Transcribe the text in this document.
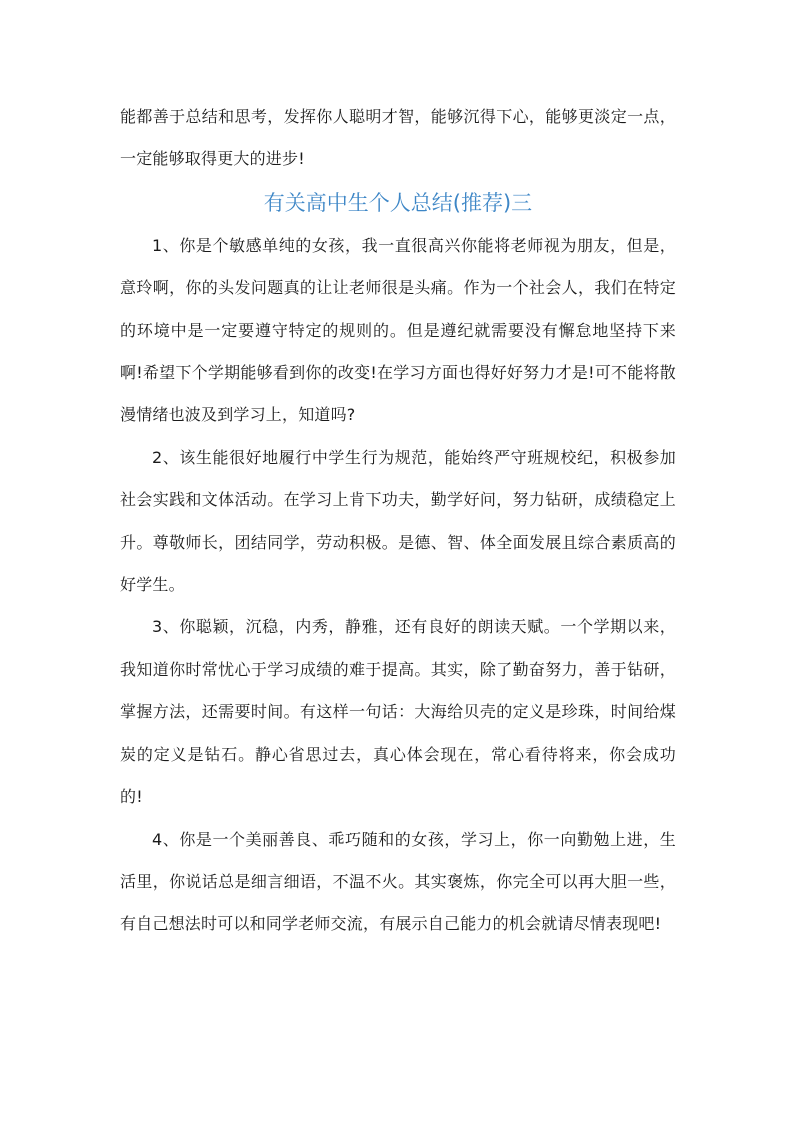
能都善于总结和思考，发挥你人聪明才智，能够沉得下心，能够更淡定一点，一定能够取得更大的进步!

有关高中生个人总结(推荐)三

1、你是个敏感单纯的女孩，我一直很高兴你能将老师视为朋友，但是，意玲啊，你的头发问题真的让让老师很是头痛。作为一个社会人，我们在特定的环境中是一定要遵守特定的规则的。但是遵纪就需要没有懈怠地坚持下来啊!希望下个学期能够看到你的改变!在学习方面也得好好努力才是!可不能将散漫情绪也波及到学习上，知道吗?

2、该生能很好地履行中学生行为规范，能始终严守班规校纪，积极参加社会实践和文体活动。在学习上肯下功夫，勤学好问，努力钻研，成绩稳定上升。尊敬师长，团结同学，劳动积极。是德、智、体全面发展且综合素质高的好学生。

3、你聪颖，沉稳，内秀，静雅，还有良好的朗读天赋。一个学期以来，我知道你时常忧心于学习成绩的难于提高。其实，除了勤奋努力，善于钻研，掌握方法，还需要时间。有这样一句话：大海给贝壳的定义是珍珠，时间给煤炭的定义是钻石。静心省思过去，真心体会现在，常心看待将来，你会成功的!

4、你是一个美丽善良、乖巧随和的女孩，学习上，你一向勤勉上进，生活里，你说话总是细言细语，不温不火。其实褒炼，你完全可以再大胆一些，有自己想法时可以和同学老师交流，有展示自己能力的机会就请尽情表现吧!
